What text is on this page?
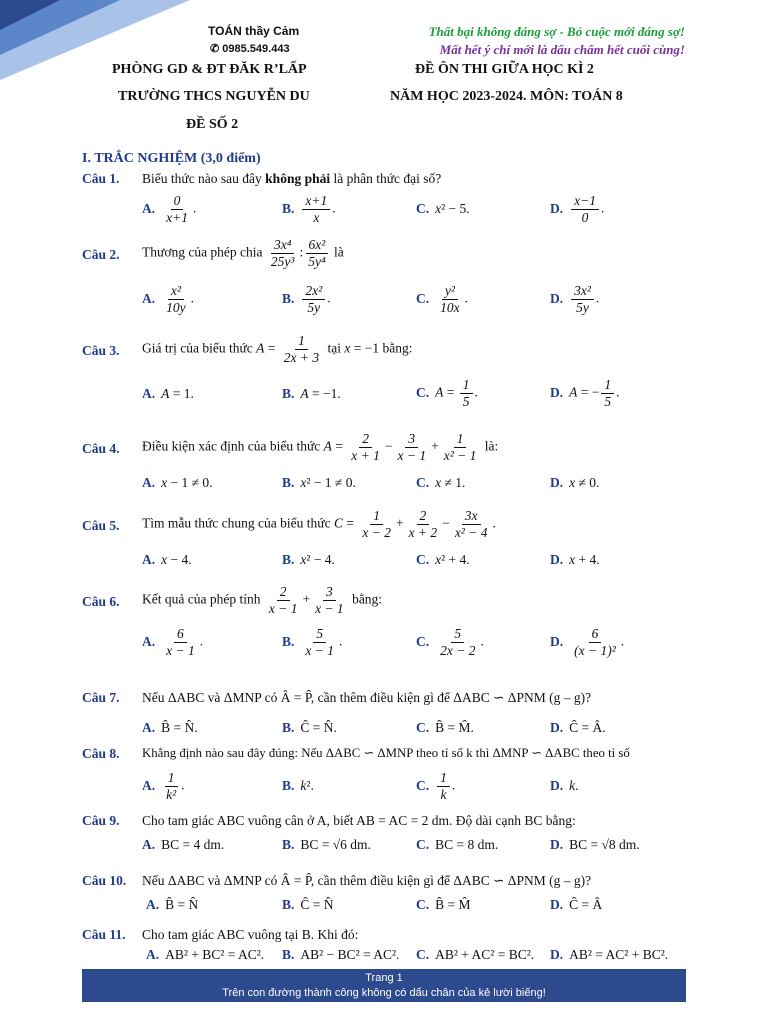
TOÁN thầy Cảm
✆ 0985.549.443
Thất bại không đáng sợ - Bỏ cuộc mới đáng sợ!
Mất hết ý chí mới là dấu chấm hết cuối cùng!
PHÒNG GD & ĐT ĐĂK R’LẤP
TRƯỜNG THCS NGUYỄN DU
ĐỀ SỐ 2
ĐỀ ÔN THI GIỮA HỌC KÌ 2
NĂM HỌC 2023-2024. MÔN: TOÁN 8
I. TRẮC NGHIỆM (3,0 điểm)
Câu 1. Biểu thức nào sau đây không phải là phân thức đại số?
A. $\frac{0}{x+1}$ .	B. $\frac{x+1}{x}$ .	C. x² − 5.	D. $\frac{x-1}{0}$ .
Câu 2. Thương của phép chia $\frac{\text{3x⁴}}{\text{25y³}}$ : $\frac{\text{6x²}}{\text{5y⁴}}$ là
A. $\frac{\text{x²}}{10y}$ .	B. $\frac{\text{2x²}}{5y}$ .	C. $\frac{\text{y²}}{10x}$ .	D. $\frac{\text{3x²}}{5y}$ .
Câu 3. Giá trị của biểu thức $A = \frac{1}{2x + 3}$ tại x = −1 bằng:
A. A = 1.	B. A = −1.	C. $A = \frac{1}{5}$ .	D. A = − $\frac{1}{5}$ .
Câu 4. Điều kiện xác định của biểu thức $A = \frac{2}{x + 1} - \frac{3}{x - 1} + \frac{1}{\text{x² − 1}}$ là:
A. x − 1 ≠ 0.	B. x² − 1 ≠ 0.	C. x ≠ 1.	D. x ≠ 0.
Câu 5. Tìm mẫu thức chung của biểu thức $C = \frac{1}{x - 2} + \frac{2}{x + 2} - \frac{3x}{\text{x² − 4}}$ .
A. x − 4.	B. x² − 4.	C. x² + 4.	D. x + 4.
Câu 6. Kết quả của phép tính $\frac{2}{x - 1} + \frac{3}{x - 1}$ bằng:
A. $\frac{6}{x - 1}$ .	B. $\frac{5}{x - 1}$ .	C. $\frac{5}{2x - 2}$ .	D. $\frac{6}{\text{(x − 1)²}}$ .
Câu 7. Nếu ΔABC và ΔMNP có Â = P̂, cần thêm điều kiện gì để ΔABC ∽ ΔPNM (g – g)?
A. B̂ = N̂.	B. Ĉ = N̂.	C. B̂ = M̂.	D. Ĉ = Â.
Câu 8. Khẳng định nào sau đây đúng: Nếu ΔABC ∽ ΔMNP theo tỉ số k thì ΔMNP ∽ ΔABC theo tỉ số
A. $\frac{1}{\text{k²}}$ .	B. k².	C. $\frac{1}{k}$ .	D. k.
Câu 9. Cho tam giác ABC vuông cân ở A, biết AB = AC = 2 dm. Độ dài cạnh BC bằng:
A. BC = 4 dm.	B. BC = √6 dm.	C. BC = 8 dm.	D. BC = √8 dm.
Câu 10. Nếu ΔABC và ΔMNP có Â = P̂, cần thêm điều kiện gì để ΔABC ∽ ΔPNM (g – g)?
A. B̂ = N̂	B. Ĉ = N̂	C. B̂ = M̂	D. Ĉ = Â
Câu 11. Cho tam giác ABC vuông tại B. Khi đó:
A. AB² + BC² = AC². B. AB² − BC² = AC². C. AB² + AC² = BC². D. AB² = AC² + BC².
Trang 1
Trên con đường thành công không có dấu chân của kẻ lười biếng!
